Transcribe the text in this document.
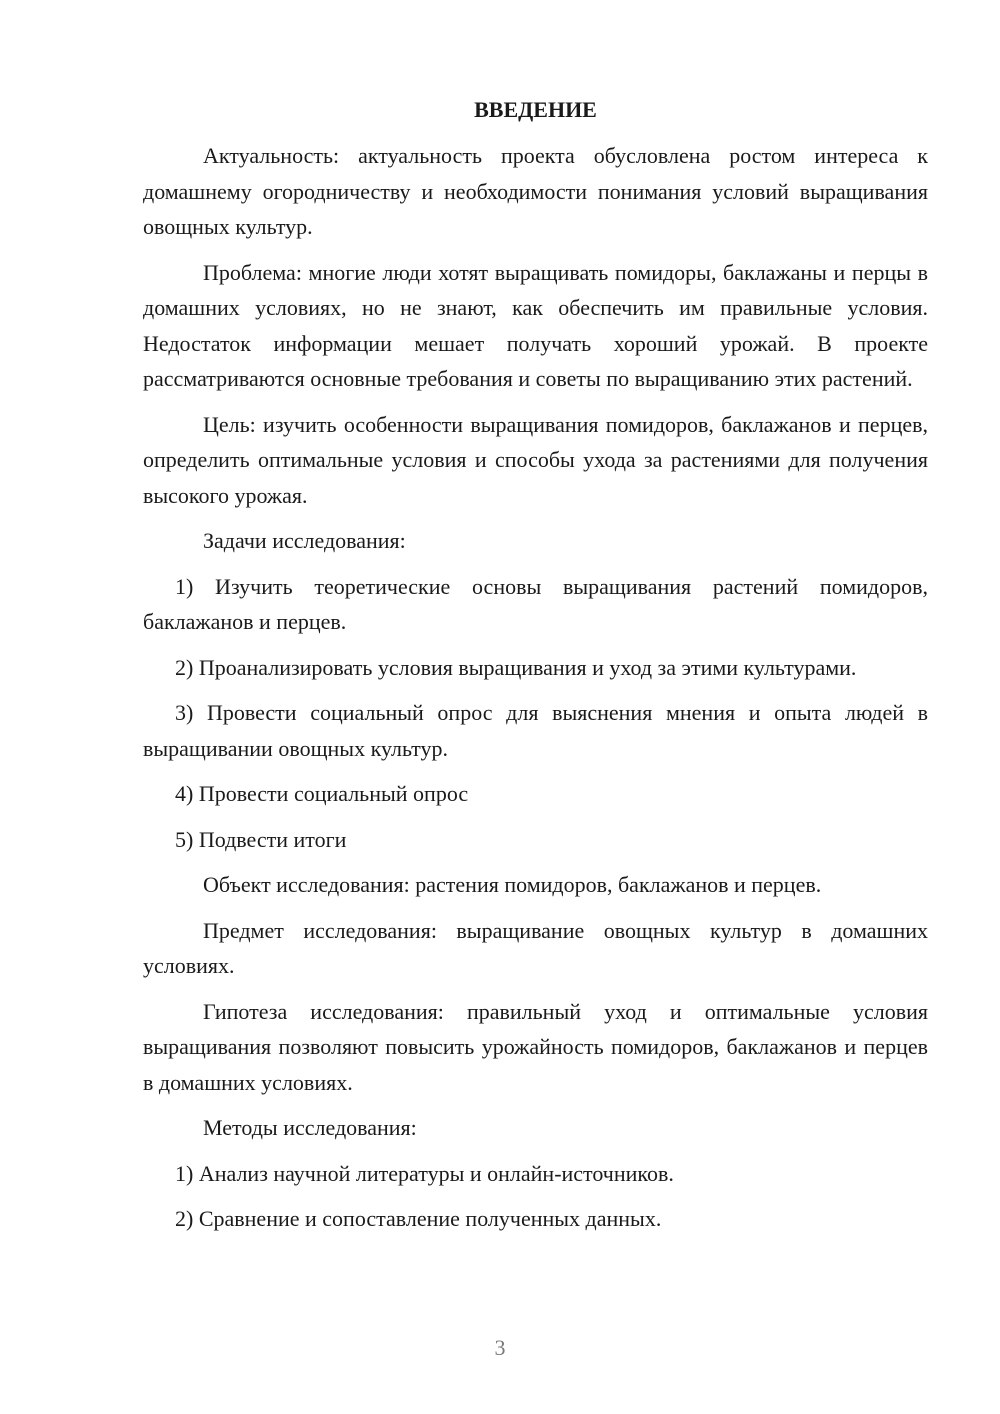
ВВЕДЕНИЕ

Актуальность: актуальность проекта обусловлена ростом интереса к домашнему огородничеству и необходимости понимания условий выращивания овощных культур.

Проблема: многие люди хотят выращивать помидоры, баклажаны и перцы в домашних условиях, но не знают, как обеспечить им правильные условия. Недостаток информации мешает получать хороший урожай. В проекте рассматриваются основные требования и советы по выращиванию этих растений.

Цель: изучить особенности выращивания помидоров, баклажанов и перцев, определить оптимальные условия и способы ухода за растениями для получения высокого урожая.

Задачи исследования:

1) Изучить теоретические основы выращивания растений помидоров, баклажанов и перцев.

2) Проанализировать условия выращивания и уход за этими культурами.

3) Провести социальный опрос для выяснения мнения и опыта людей в выращивании овощных культур.

4) Провести социальный опрос

5) Подвести итоги

Объект исследования: растения помидоров, баклажанов и перцев.

Предмет исследования: выращивание овощных культур в домашних условиях.

Гипотеза исследования: правильный уход и оптимальные условия выращивания позволяют повысить урожайность помидоров, баклажанов и перцев в домашних условиях.

Методы исследования:

1) Анализ научной литературы и онлайн-источников.

2) Сравнение и сопоставление полученных данных.

3
